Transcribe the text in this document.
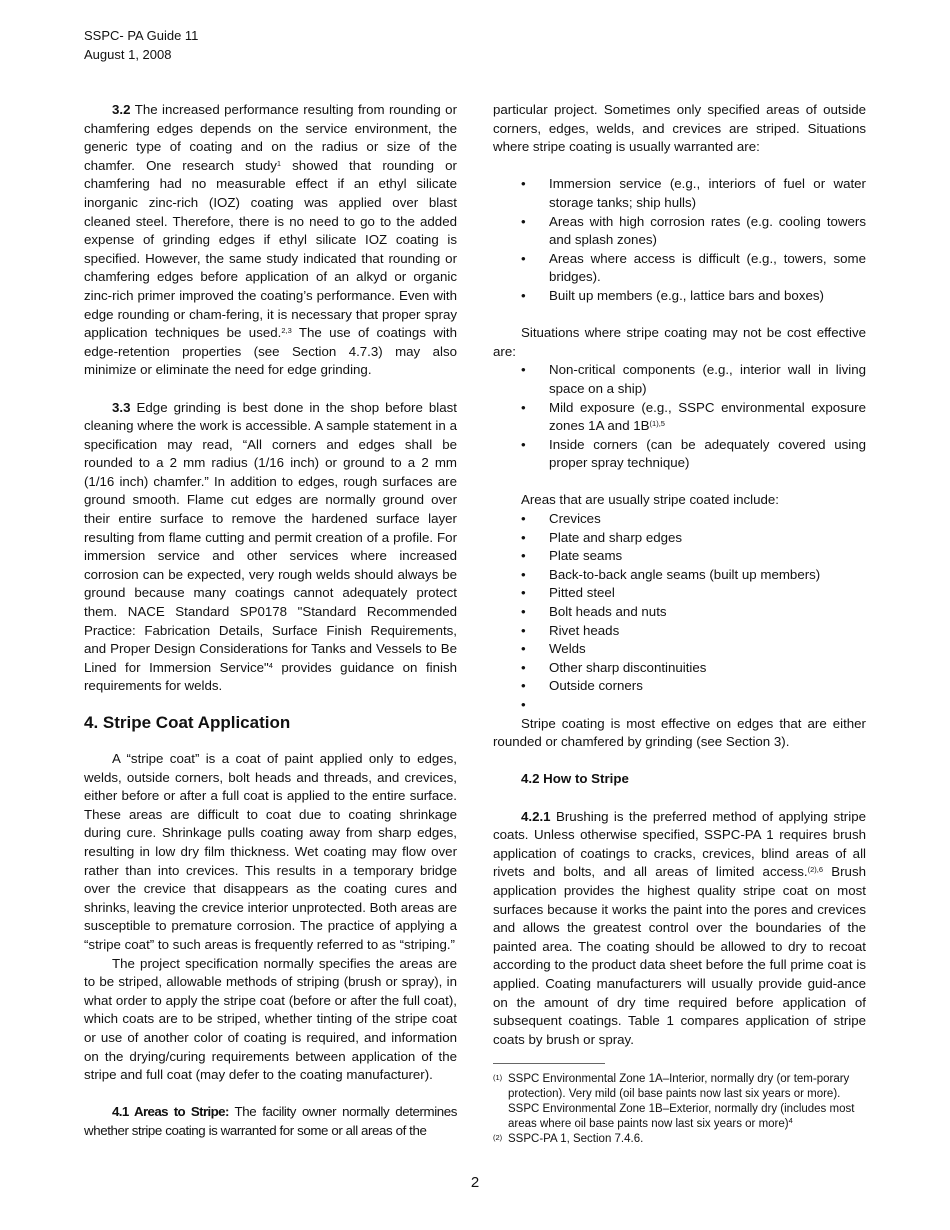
SSPC- PA Guide 11
August 1, 2008

3.2 The increased performance resulting from rounding or chamfering edges depends on the service environment, the generic type of coating and on the radius or size of the chamfer. One research study$^1$ showed that rounding or chamfering had no measurable effect if an ethyl silicate inorganic zinc-rich (IOZ) coating was applied over blast cleaned steel. Therefore, there is no need to go to the added expense of grinding edges if ethyl silicate IOZ coating is specified. However, the same study indicated that rounding or chamfering edges before application of an alkyd or organic zinc-rich primer improved the coating’s performance. Even with edge rounding or cham-fering, it is necessary that proper spray application techniques be used.$^{2,3}$ The use of coatings with edge-retention properties (see Section 4.7.3) may also minimize or eliminate the need for edge grinding.

3.3 Edge grinding is best done in the shop before blast cleaning where the work is accessible. A sample statement in a specification may read, “All corners and edges shall be rounded to a 2 mm radius (1/16 inch) or ground to a 2 mm (1/16 inch) chamfer.” In addition to edges, rough surfaces are ground smooth. Flame cut edges are normally ground over their entire surface to remove the hardened surface layer resulting from flame cutting and permit creation of a profile. For immersion service and other services where increased corrosion can be expected, very rough welds should always be ground because many coatings cannot adequately protect them. NACE Standard SP0178 "Standard Recommended Practice: Fabrication Details, Surface Finish Requirements, and Proper Design Considerations for Tanks and Vessels to Be Lined for Immersion Service"$^4$ provides guidance on finish requirements for welds.

4. Stripe Coat Application

A “stripe coat” is a coat of paint applied only to edges, welds, outside corners, bolt heads and threads, and crevices, either before or after a full coat is applied to the entire surface. These areas are difficult to coat due to coating shrinkage during cure. Shrinkage pulls coating away from sharp edges, resulting in low dry film thickness. Wet coating may flow over rather than into crevices. This results in a temporary bridge over the crevice that disappears as the coating cures and shrinks, leaving the crevice interior unprotected. Both areas are susceptible to premature corrosion. The practice of applying a “stripe coat” to such areas is frequently referred to as “striping.”

The project specification normally specifies the areas are to be striped, allowable methods of striping (brush or spray), in what order to apply the stripe coat (before or after the full coat), which coats are to be striped, whether tinting of the stripe coat or use of another color of coating is required, and information on the drying/curing requirements between application of the stripe and full coat (may defer to the coating manufacturer).

4.1 Areas to Stripe: The facility owner normally determines whether stripe coating is warranted for some or all areas of the

particular project. Sometimes only specified areas of outside corners, edges, welds, and crevices are striped. Situations where stripe coating is usually warranted are:

• Immersion service (e.g., interiors of fuel or water storage tanks; ship hulls)
• Areas with high corrosion rates (e.g. cooling towers and splash zones)
• Areas where access is difficult (e.g., towers, some bridges).
• Built up members (e.g., lattice bars and boxes)

Situations where stripe coating may not be cost effective are:

• Non-critical components (e.g., interior wall in living space on a ship)
• Mild exposure (e.g., SSPC environmental exposure zones 1A and $1B^{(1),5}$
• Inside corners (can be adequately covered using proper spray technique)

Areas that are usually stripe coated include:

• Crevices
• Plate and sharp edges
• Plate seams
• Back-to-back angle seams (built up members)
• Pitted steel
• Bolt heads and nuts
• Rivet heads
• Welds
• Other sharp discontinuities
• Outside corners
•

Stripe coating is most effective on edges that are either rounded or chamfered by grinding (see Section 3).

4.2 How to Stripe

4.2.1 Brushing is the preferred method of applying stripe coats. Unless otherwise specified, SSPC-PA 1 requires brush application of coatings to cracks, crevices, blind areas of all rivets and bolts, and all areas of limited access.$^{(2),6}$ Brush application provides the highest quality stripe coat on most surfaces because it works the paint into the pores and crevices and allows the greatest control over the boundaries of the painted area. The coating should be allowed to dry to recoat according to the product data sheet before the full prime coat is applied. Coating manufacturers will usually provide guid-ance on the amount of dry time required before application of subsequent coatings. Table 1 compares application of stripe coats by brush or spray.

(1) SSPC Environmental Zone 1A–Interior, normally dry (or tem-porary protection). Very mild (oil base paints now last six years or more). SSPC Environmental Zone 1B–Exterior, normally dry (includes most areas where oil base paints now last six years or more)$^4$
(2) SSPC-PA 1, Section 7.4.6.
2
